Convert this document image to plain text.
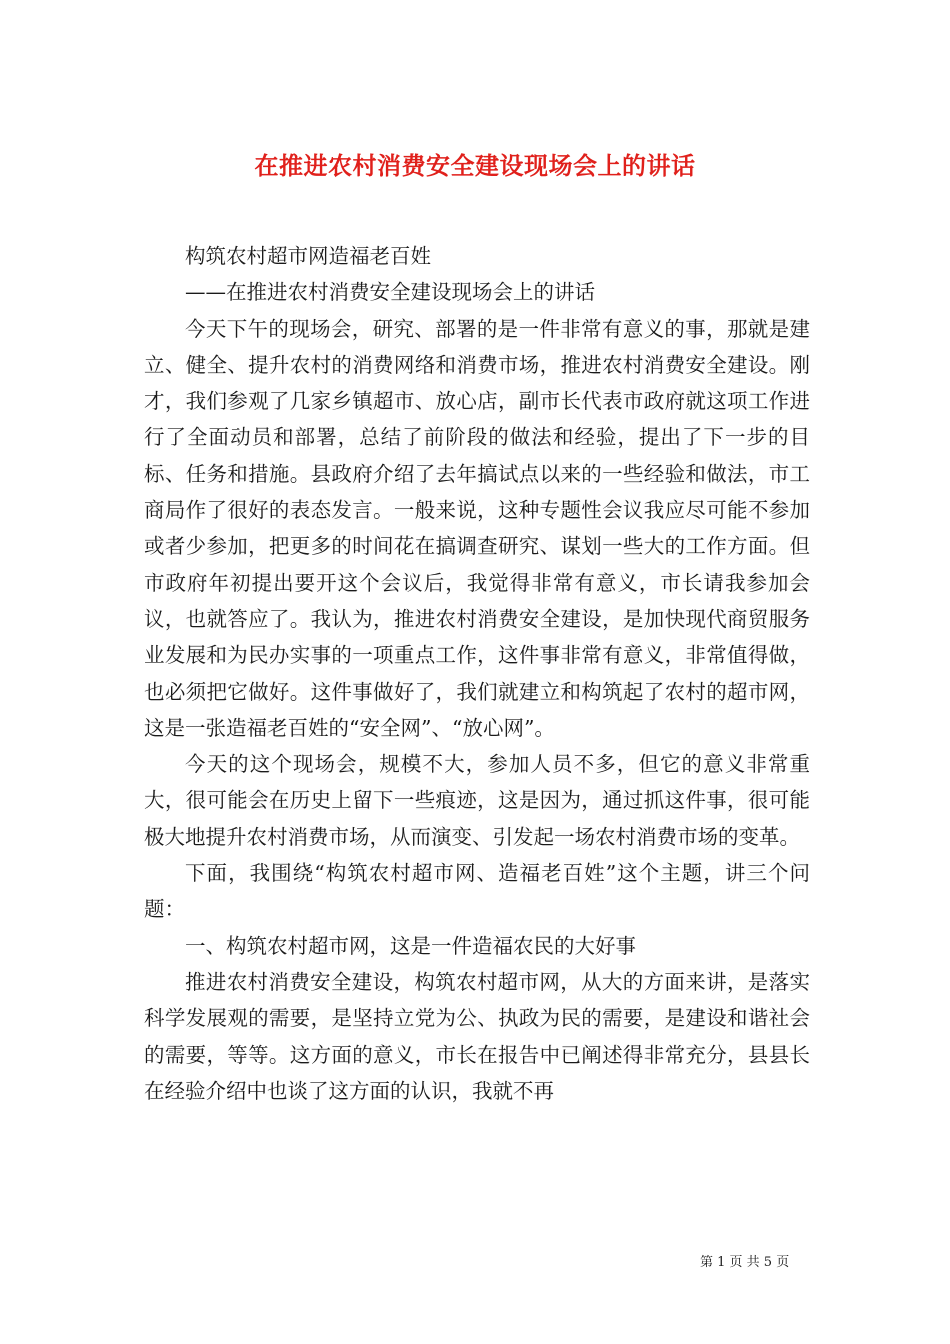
在推进农村消费安全建设现场会上的讲话

构筑农村超市网造福老百姓

——在推进农村消费安全建设现场会上的讲话

今天下午的现场会，研究、部署的是一件非常有意义的事，那就是建立、健全、提升农村的消费网络和消费市场，推进农村消费安全建设。刚才，我们参观了几家乡镇超市、放心店，副市长代表市政府就这项工作进行了全面动员和部署，总结了前阶段的做法和经验，提出了下一步的目标、任务和措施。县政府介绍了去年搞试点以来的一些经验和做法，市工商局作了很好的表态发言。一般来说，这种专题性会议我应尽可能不参加或者少参加，把更多的时间花在搞调查研究、谋划一些大的工作方面。但市政府年初提出要开这个会议后，我觉得非常有意义，市长请我参加会议，也就答应了。我认为，推进农村消费安全建设，是加快现代商贸服务业发展和为民办实事的一项重点工作，这件事非常有意义，非常值得做，也必须把它做好。这件事做好了，我们就建立和构筑起了农村的超市网，这是一张造福老百姓的“安全网”、“放心网”。

今天的这个现场会，规模不大，参加人员不多，但它的意义非常重大，很可能会在历史上留下一些痕迹，这是因为，通过抓这件事，很可能极大地提升农村消费市场，从而演变、引发起一场农村消费市场的变革。

下面，我围绕“构筑农村超市网、造福老百姓”这个主题，讲三个问题：

一、构筑农村超市网，这是一件造福农民的大好事

推进农村消费安全建设，构筑农村超市网，从大的方面来讲，是落实科学发展观的需要，是坚持立党为公、执政为民的需要，是建设和谐社会的需要，等等。这方面的意义，市长在报告中已阐述得非常充分，县县长在经验介绍中也谈了这方面的认识，我就不再

第 1 页 共 5 页
